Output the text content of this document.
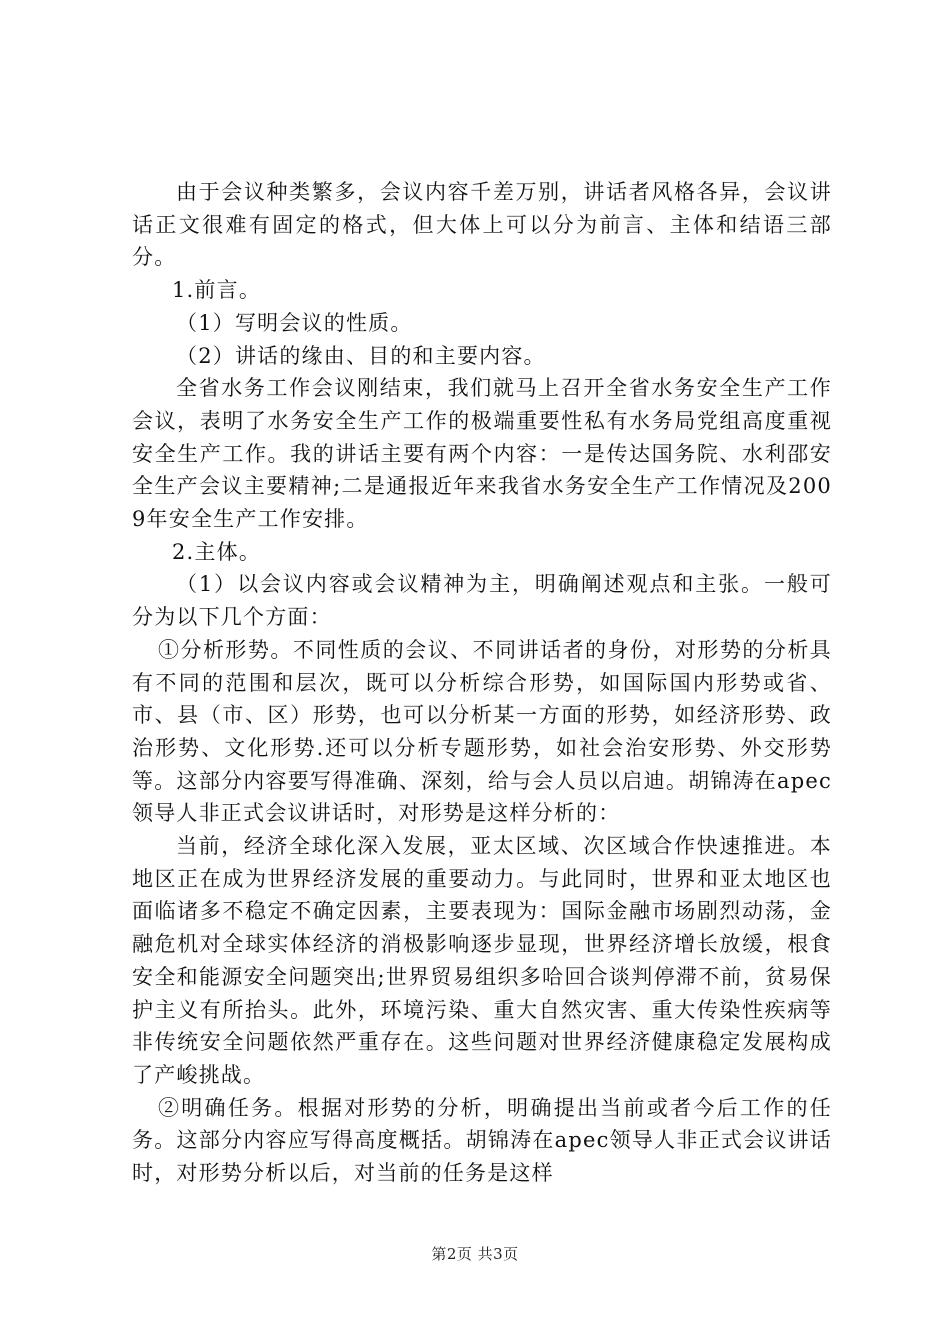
由于会议种类繁多，会议内容千差万别，讲话者风格各异，会议讲话正文很难有固定的格式，但大体上可以分为前言、主体和结语三部分。

1.前言。

（1）写明会议的性质。

（2）讲话的缘由、目的和主要内容。

全省水务工作会议刚结束，我们就马上召开全省水务安全生产工作会议，表明了水务安全生产工作的极端重要性私有水务局党组高度重视安全生产工作。我的讲话主要有两个内容：一是传达国务院、水利邵安全生产会议主要精神;二是通报近年来我省水务安全生产工作情况及2009年安全生产工作安排。

2.主体。

（1）以会议内容或会议精神为主，明确阐述观点和主张。一般可分为以下几个方面：

①分析形势。不同性质的会议、不同讲话者的身份，对形势的分析具有不同的范围和层次，既可以分析综合形势，如国际国内形势或省、市、县（市、区）形势，也可以分析某一方面的形势，如经济形势、政治形势、文化形势.还可以分析专题形势，如社会治安形势、外交形势等。这部分内容要写得准确、深刻，给与会人员以启迪。胡锦涛在apec领导人非正式会议讲话时，对形势是这样分析的：

当前，经济全球化深入发展，亚太区域、次区域合作快速推进。本地区正在成为世界经济发展的重要动力。与此同时，世界和亚太地区也面临诸多不稳定不确定因素，主要表现为：国际金融市场剧烈动荡，金融危机对全球实体经济的消极影响逐步显现，世界经济增长放缓，根食安全和能源安全问题突出;世界贸易组织多哈回合谈判停滞不前，贫易保护主义有所抬头。此外，环境污染、重大自然灾害、重大传染性疾病等非传统安全问题依然严重存在。这些问题对世界经济健康稳定发展构成了产峻挑战。

②明确任务。根据对形势的分析，明确提出当前或者今后工作的任务。这部分内容应写得高度概括。胡锦涛在apec领导人非正式会议讲话时，对形势分析以后，对当前的任务是这样

第2页 共3页
